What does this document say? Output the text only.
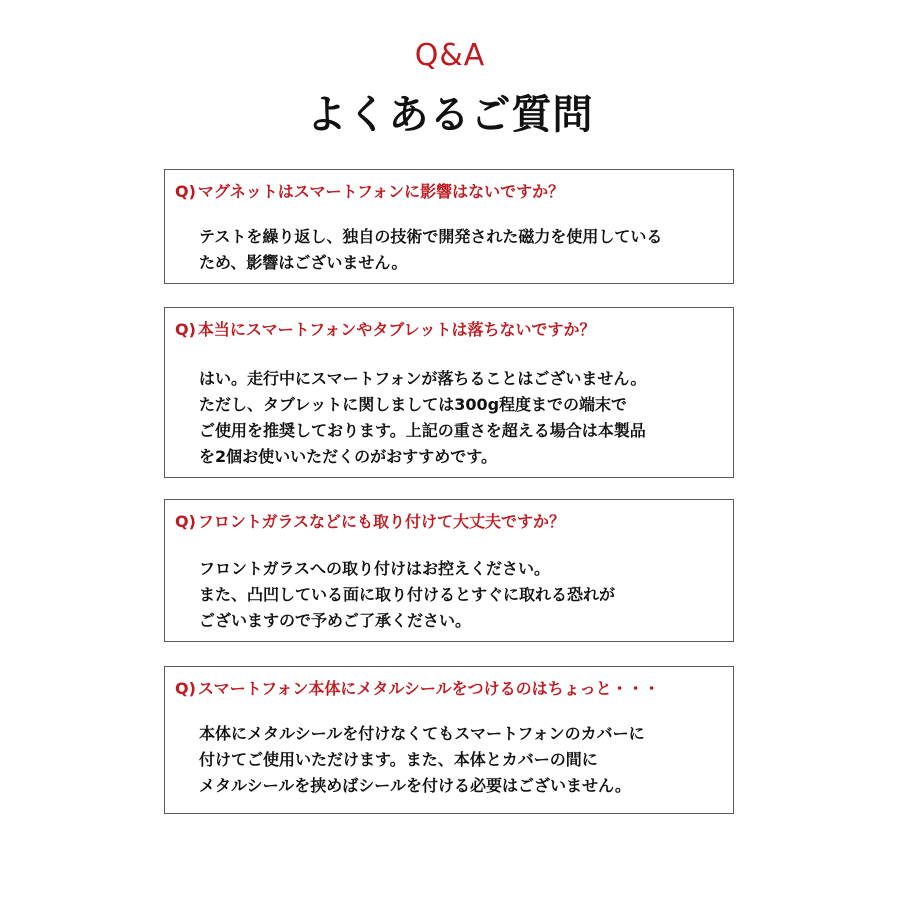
Q&A
よくあるご質問
Q) マグネットはスマートフォンに影響はないですか？
テストを繰り返し、独自の技術で開発された磁力を使用している
ため、影響はございません。
Q) 本当にスマートフォンやタブレットは落ちないですか？
はい。走行中にスマートフォンが落ちることはございません。
ただし、タブレットに関しましては300g程度までの端末で
ご使用を推奨しております。上記の重さを超える場合は本製品
を2個お使いいただくのがおすすめです。
Q) フロントガラスなどにも取り付けて大丈夫ですか？
フロントガラスへの取り付けはお控えください。
また、凸凹している面に取り付けるとすぐに取れる恐れが
ございますので予めご了承ください。
Q) スマートフォン本体にメタルシールをつけるのはちょっと・・・
本体にメタルシールを付けなくてもスマートフォンのカバーに
付けてご使用いただけます。また、本体とカバーの間に
メタルシールを挟めばシールを付ける必要はございません。
